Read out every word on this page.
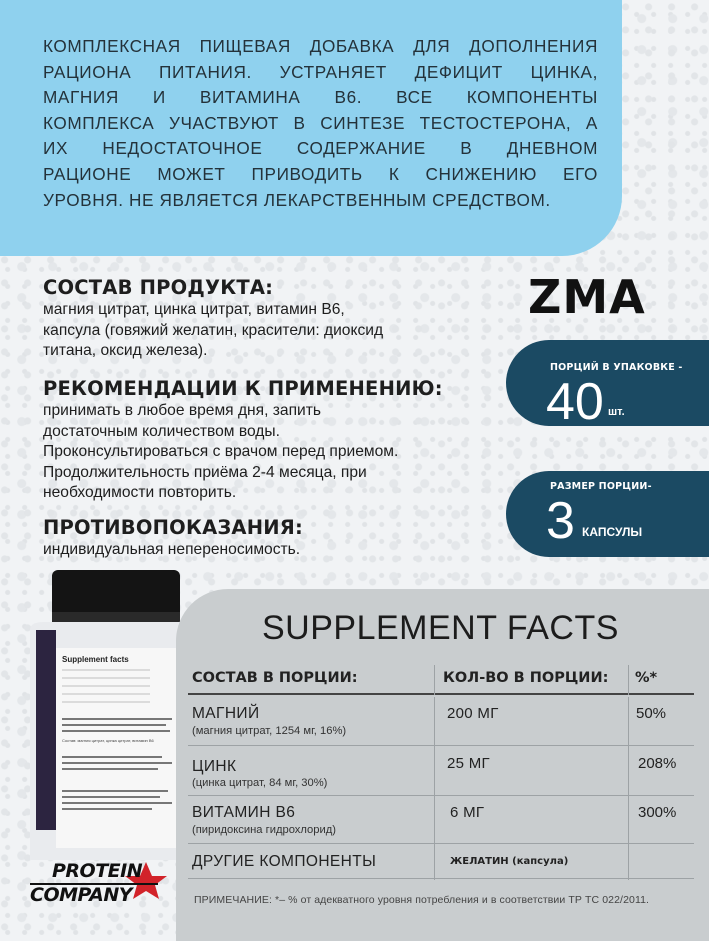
КОМПЛЕКСНАЯ ПИЩЕВАЯ ДОБАВКА ДЛЯ ДОПОЛНЕНИЯ

РАЦИОНА ПИТАНИЯ. УСТРАНЯЕТ ДЕФИЦИТ ЦИНКА,

МАГНИЯ И ВИТАМИНА В6. ВСЕ КОМПОНЕНТЫ

КОМПЛЕКСА УЧАСТВУЮТ В СИНТЕЗЕ ТЕСТОСТЕРОНА, А

ИХ НЕДОСТАТОЧНОЕ СОДЕРЖАНИЕ В ДНЕВНОМ

РАЦИОНЕ МОЖЕТ ПРИВОДИТЬ К СНИЖЕНИЮ ЕГО

УРОВНЯ. НЕ ЯВЛЯЕТСЯ ЛЕКАРСТВЕННЫМ СРЕДСТВОМ.

СОСТАВ ПРОДУКТА:

магния цитрат, цинка цитрат, витамин В6,

капсула (говяжий желатин, красители: диоксид

титана, оксид железа).

РЕКОМЕНДАЦИИ К ПРИМЕНЕНИЮ:

принимать в любое время дня, запить

достаточным количеством воды.

Проконсультироваться с врачом перед приемом.

Продолжительность приёма 2-4 месяца, при

необходимости повторить.

ПРОТИВОПОКАЗАНИЯ:

индивидуальная непереносимость.

ZMA
ПОРЦИЙ В УПАКОВКЕ -
40 шт.
РАЗМЕР ПОРЦИИ-
3 КАПСУЛЫ
Supplement facts
Состав: магния цитрат, цинка цитрат, витамин В6
SUPPLEMENT FACTS
СОСТАВ В ПОРЦИИ:	КОЛ-ВО В ПОРЦИИ: %*
МАГНИЙ
(магния цитрат, 1254 мг, 16%)
200 МГ	50%
ЦИНК
(цинка цитрат, 84 мг, 30%)
25 МГ	208%
ВИТАМИН В6
(пиридоксина гидрохлорид)
6 МГ	300%
ДРУГИЕ КОМПОНЕНТЫ	ЖЕЛАТИН (капсула)
ПРИМЕЧАНИЕ: *– % от адекватного уровня потребления и в соответствии ТР ТС 022/2011.
PROTEIN
COMPANY
